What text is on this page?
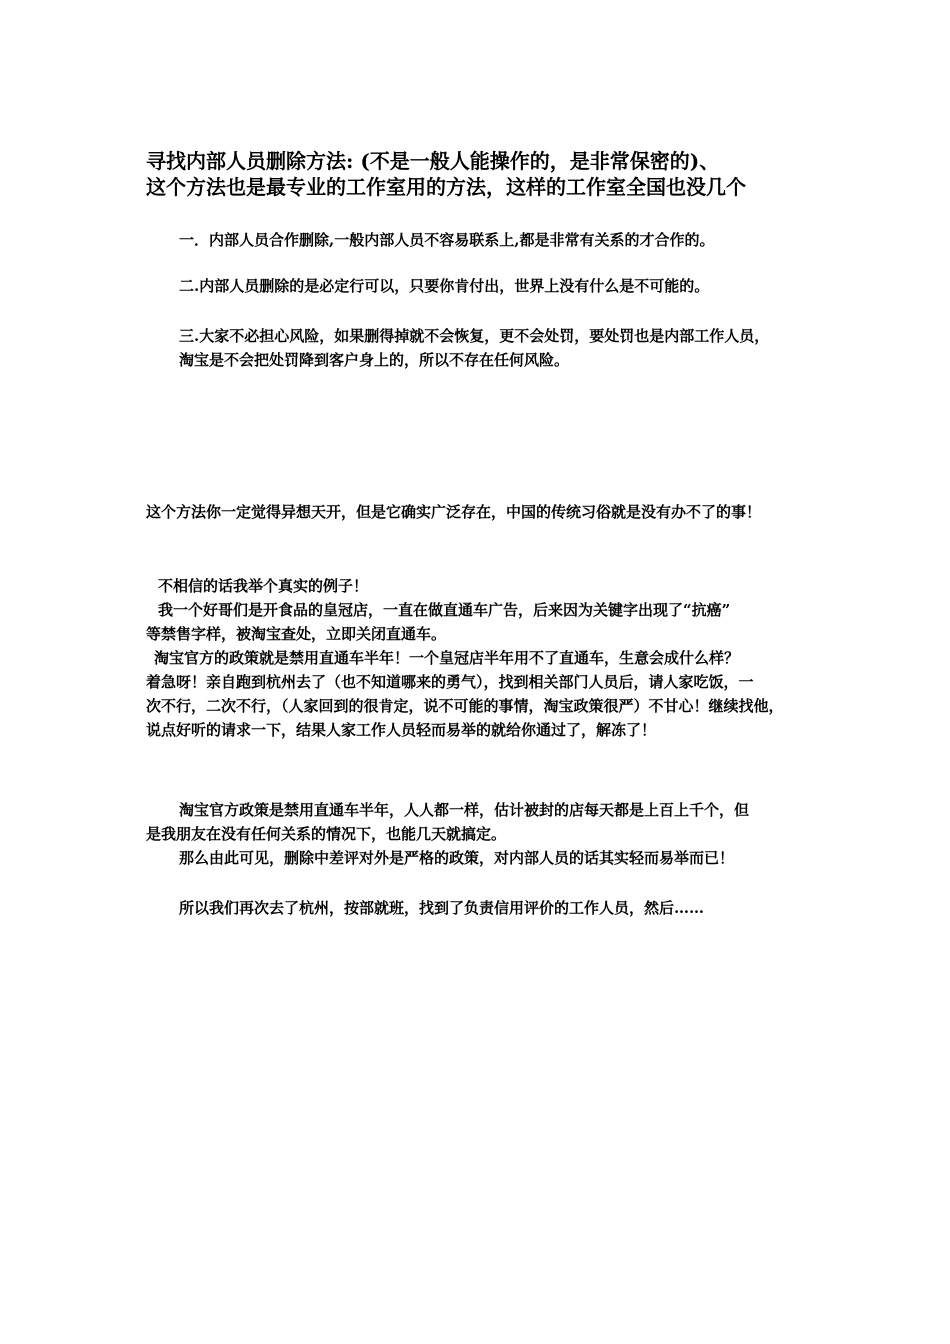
寻找内部人员删除方法: (不是一般人能操作的，是非常保密的)、
这个方法也是最专业的工作室用的方法，这样的工作室全国也没几个

一．内部人员合作删除,一般内部人员不容易联系上,都是非常有关系的才合作的。

二.内部人员删除的是必定行可以，只要你肯付出，世界上没有什么是不可能的。

三.大家不必担心风险，如果删得掉就不会恢复，更不会处罚，要处罚也是内部工作人员，
淘宝是不会把处罚降到客户身上的，所以不存在任何风险。

这个方法你一定觉得异想天开，但是它确实广泛存在，中国的传统习俗就是没有办不了的事！

不相信的话我举个真实的例子！
我一个好哥们是开食品的皇冠店，一直在做直通车广告，后来因为关键字出现了“抗癌”
等禁售字样，被淘宝查处，立即关闭直通车。
淘宝官方的政策就是禁用直通车半年！一个皇冠店半年用不了直通车，生意会成什么样？
着急呀！亲自跑到杭州去了（也不知道哪来的勇气），找到相关部门人员后，请人家吃饭，一
次不行，二次不行，（人家回到的很肯定，说不可能的事情，淘宝政策很严）不甘心！继续找他，
说点好听的请求一下，结果人家工作人员轻而易举的就给你通过了，解冻了！

淘宝官方政策是禁用直通车半年，人人都一样，估计被封的店每天都是上百上千个，但
是我朋友在没有任何关系的情况下，也能几天就搞定。
那么由此可见，删除中差评对外是严格的政策，对内部人员的话其实轻而易举而已！

所以我们再次去了杭州，按部就班，找到了负责信用评价的工作人员，然后……
